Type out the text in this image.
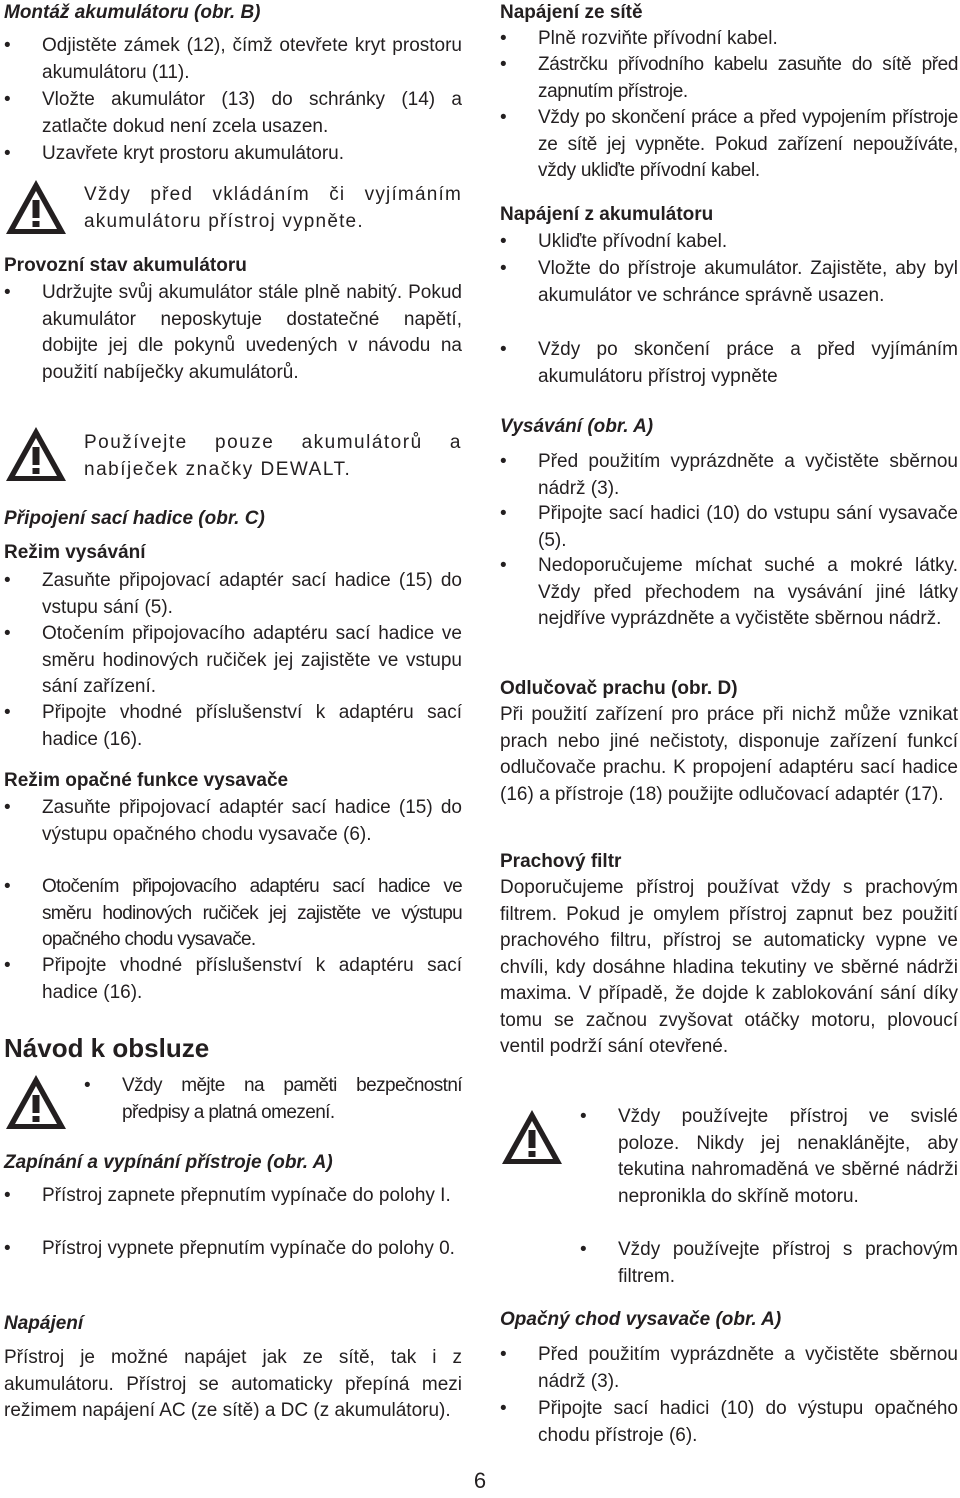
Montáž akumulátoru (obr. B)
•	Odjistěte zámek (12), čímž otevřete kryt prostoru akumulátoru (11).
•	Vložte akumulátor (13) do schránky (14) a zatlačte dokud není zcela usazen.
•	Uzavřete kryt prostoru akumulátoru.
Vždy před vkládáním či vyjímáním akumulátoru přístroj vypněte.
Provozní stav akumulátoru
•	Udržujte svůj akumulátor stále plně nabitý. Pokud akumulátor neposkytuje dostatečné napětí, dobijte jej dle pokynů uvedených v návodu na použití nabíječky akumulátorů.
Používejte pouze akumulátorů a nabíječek značky DEWALT.
Připojení sací hadice (obr. C)
Režim vysávání
•	Zasuňte připojovací adaptér sací hadice (15) do vstupu sání (5).
•	Otočením připojovacího adaptéru sací hadice ve směru hodinových ručiček jej zajistěte ve vstupu sání zařízení.
•	Připojte vhodné příslušenství k adaptéru sací hadice (16).
Režim opačné funkce vysavače
•	Zasuňte připojovací adaptér sací hadice (15) do výstupu opačného chodu vysavače (6).
•	Otočením připojovacího adaptéru sací hadice ve směru hodinových ručiček jej zajistěte ve výstupu opačného chodu vysavače.
•	Připojte vhodné příslušenství k adaptéru sací hadice (16).
Návod k obsluze
•	Vždy mějte na paměti bezpečnostní předpisy a platná omezení.
Zapínání a vypínání přístroje (obr. A)
•	Přístroj zapnete přepnutím vypínače do polohy I.
•	Přístroj vypnete přepnutím vypínače do polohy 0.
Napájení
Přístroj je možné napájet jak ze sítě, tak i z akumulátoru. Přístroj se automaticky přepíná mezi režimem napájení AC (ze sítě) a DC (z akumulátoru).
Napájení ze sítě
•	Plně rozviňte přívodní kabel.
•	Zástrčku přívodního kabelu zasuňte do sítě před zapnutím přístroje.
•	Vždy po skončení práce a před vypojením přístroje ze sítě jej vypněte. Pokud zařízení nepoužíváte, vždy ukliďte přívodní kabel.
Napájení z akumulátoru
•	Ukliďte přívodní kabel.
•	Vložte do přístroje akumulátor. Zajistěte, aby byl akumulátor ve schránce správně usazen.
•	Vždy po skončení práce a před vyjímáním akumulátoru přístroj vypněte
Vysávání (obr. A)
•	Před použitím vyprázdněte a vyčistěte sběrnou nádrž (3).
•	Připojte sací hadici (10) do vstupu sání vysavače (5).
•	Nedoporučujeme míchat suché a mokré látky. Vždy před přechodem na vysávání jiné látky nejdříve vyprázdněte a vyčistěte sběrnou nádrž.
Odlučovač prachu (obr. D)
Při použití zařízení pro práce při nichž může vznikat prach nebo jiné nečistoty, disponuje zařízení funkcí odlučovače prachu. K propojení adaptéru sací hadice (16) a přístroje (18) použijte odlučovací adaptér (17).
Prachový filtr
Doporučujeme přístroj používat vždy s prachovým filtrem. Pokud je omylem přístroj zapnut bez použití prachového filtru, přístroj se automaticky vypne ve chvíli, kdy dosáhne hladina tekutiny ve sběrné nádrži maxima. V případě, že dojde k zablokování sání díky tomu se začnou zvyšovat otáčky motoru, plovoucí ventil podrží sání otevřené.
•	Vždy používejte přístroj ve svislé poloze. Nikdy jej nenaklánějte, aby tekutina nahromaděná ve sběrné nádrži nepronikla do skříně motoru.
•	Vždy používejte přístroj s prachovým filtrem.
Opačný chod vysavače (obr. A)
•	Před použitím vyprázdněte a vyčistěte sběrnou nádrž (3).
•	Připojte sací hadici (10) do výstupu opačného chodu přístroje (6).
6
